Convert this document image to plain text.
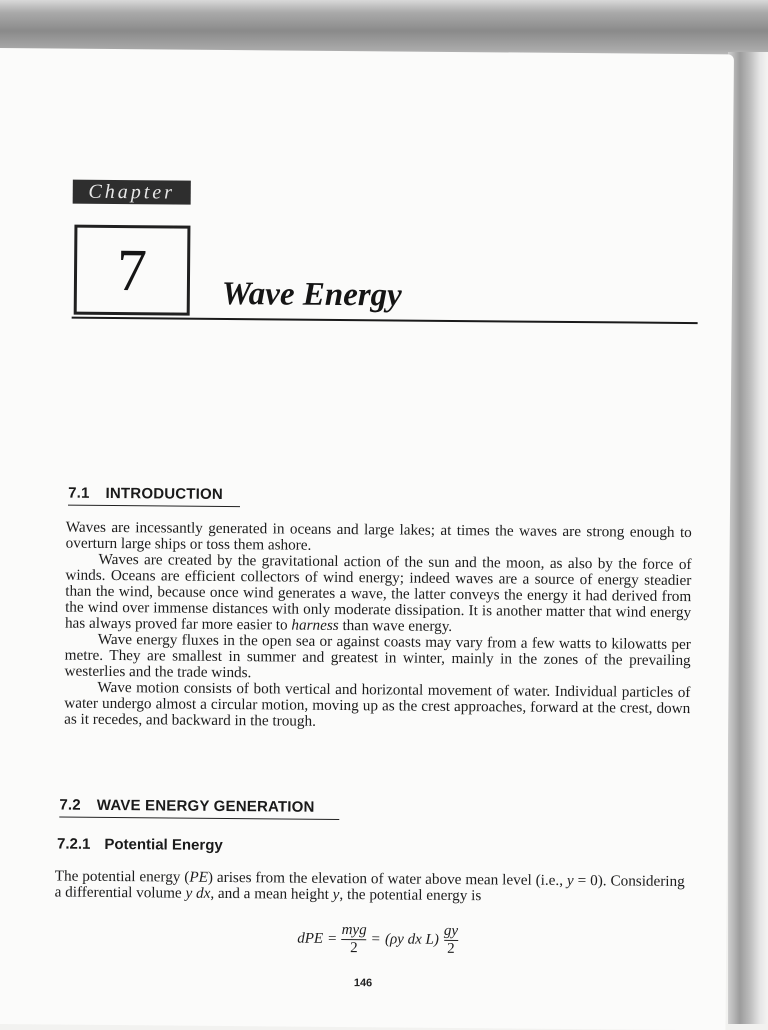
Chapter
7	Wave Energy
7.1 INTRODUCTION

Waves are incessantly generated in oceans and large lakes; at times the waves are strong enough to overturn large ships or toss them ashore.

Waves are created by the gravitational action of the sun and the moon, as also by the force of winds. Oceans are efficient collectors of wind energy; indeed waves are a source of energy steadier than the wind, because once wind generates a wave, the latter conveys the energy it had derived from the wind over immense distances with only moderate dissipation. It is another matter that wind energy has always proved far more easier to harness than wave energy.

Wave energy fluxes in the open sea or against coasts may vary from a few watts to kilowatts per metre. They are smallest in summer and greatest in winter, mainly in the zones of the prevailing westerlies and the trade winds.

Wave motion consists of both vertical and horizontal movement of water. Individual particles of water undergo almost a circular motion, moving up as the crest approaches, forward at the crest, down as it recedes, and backward in the trough.

7.2 WAVE ENERGY GENERATION
7.2.1 Potential Energy

The potential energy (PE) arises from the elevation of water above mean level (i.e., y = 0). Considering a differential volume y dx, and a mean height y, the potential energy is

dPE = $\frac{\text{myg}}{2} = (\rho y$ dx $L) \frac{gy}{2}$
146
